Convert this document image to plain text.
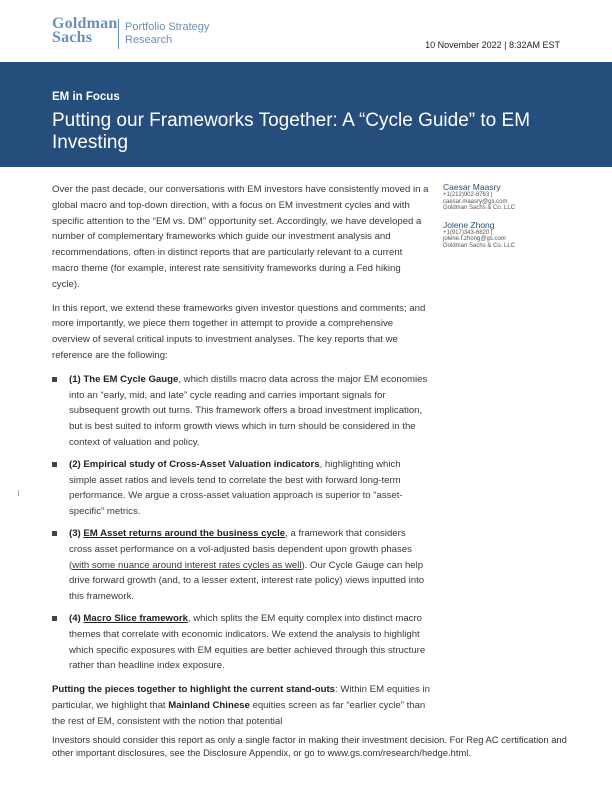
Goldman
Sachs
Portfolio Strategy
Research	10 November 2022 | 8:32AM EST
EM in Focus
Putting our Frameworks Together: A “Cycle Guide” to EM Investing

Over the past decade, our conversations with EM investors have consistently moved in a global macro and top-down direction, with a focus on EM investment cycles and with specific attention to the “EM vs. DM” opportunity set. Accordingly, we have developed a number of complementary frameworks which guide our investment analysis and recommendations, often in distinct reports that are particularly relevant to a current macro theme (for example, interest rate sensitivity frameworks during a Fed hiking cycle).

In this report, we extend these frameworks given investor questions and comments; and more importantly, we piece them together in attempt to provide a comprehensive overview of several critical inputs to investment analyses. The key reports that we reference are the following:

(1) The EM Cycle Gauge, which distills macro data across the major EM economies into an “early, mid, and late” cycle reading and carries important signals for subsequent growth out turns. This framework offers a broad investment implication, but is best suited to inform growth views which in turn should be considered in the context of valuation and policy.
(2) Empirical study of Cross-Asset Valuation indicators, highlighting which simple asset ratios and levels tend to correlate the best with forward long-term performance. We argue a cross-asset valuation approach is superior to “asset-specific” metrics.
(3) EM Asset returns around the business cycle, a framework that considers cross asset performance on a vol-adjusted basis dependent upon growth phases (with some nuance around interest rates cycles as well). Our Cycle Gauge can help drive forward growth (and, to a lesser extent, interest rate policy) views inputted into this framework.
(4) Macro Slice framework, which splits the EM equity complex into distinct macro themes that correlate with economic indicators. We extend the analysis to highlight which specific exposures with EM equities are better achieved through this structure rather than headline index exposure.

Putting the pieces together to highlight the current stand-outs: Within EM equities in particular, we highlight that Mainland Chinese equities screen as far “earlier cycle” than the rest of EM, consistent with the notion that potential

Caesar Maasry
+1(212)902-8763 |
caesar.maasry@gs.com
Goldman Sachs & Co. LLC
Jolene Zhong
+1(917)343-6820 |
jolene.f.zhong@gs.com
Goldman Sachs & Co. LLC
Investors should consider this report as only a single factor in making their investment decision. For Reg AC certification and other important disclosures, see the Disclosure Appendix, or go to www.gs.com/research/hedge.html.
